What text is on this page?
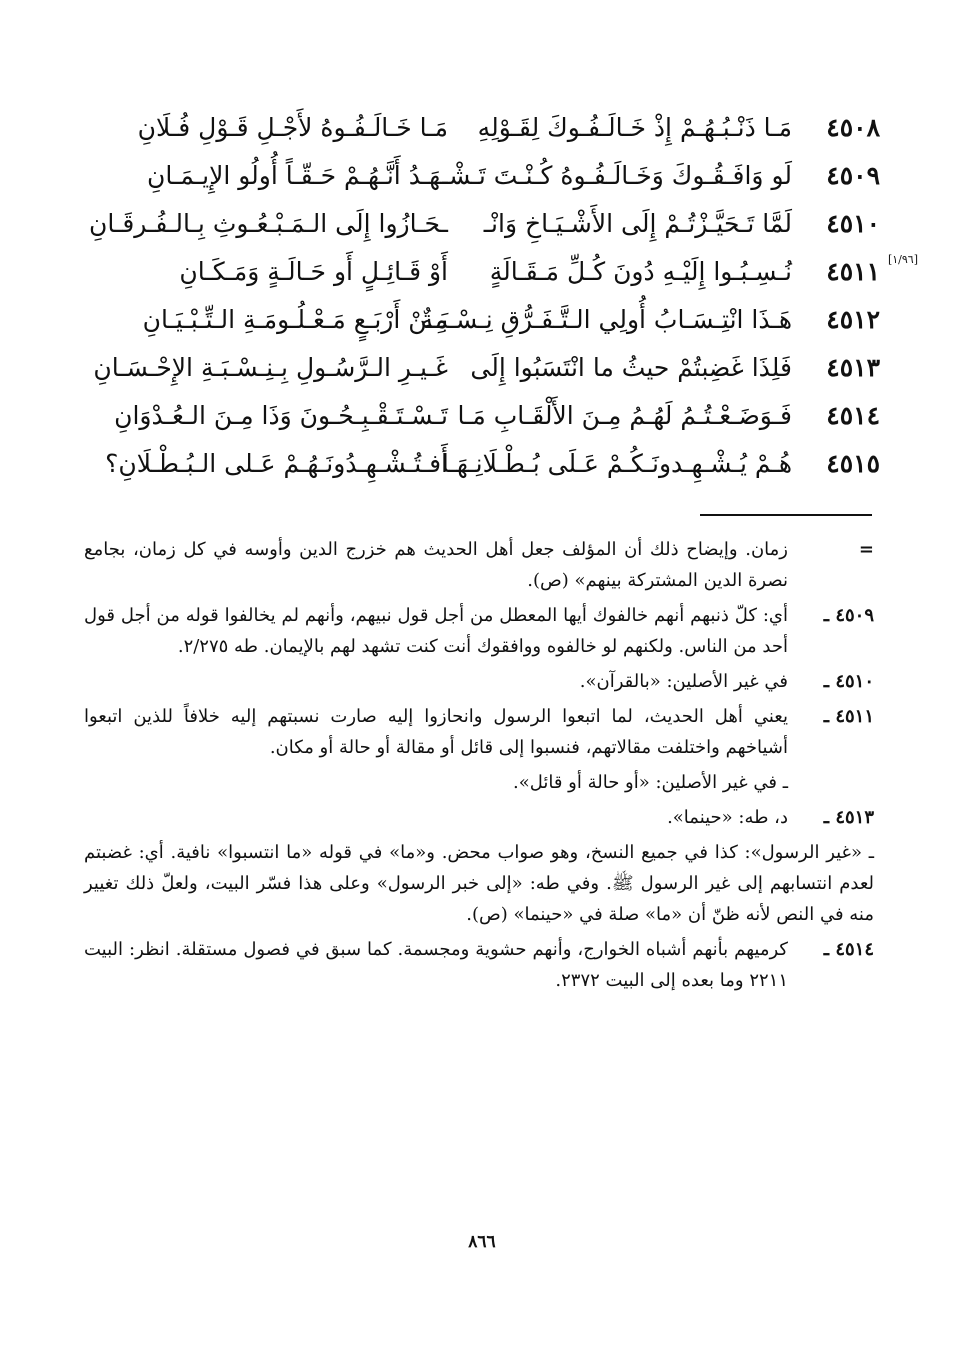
٤٥٠٨
مَـا ذَنْـبُـهُـمْ إِذْ خَـالَـفُـوكَ لِقَـوْلِهِ
مَـا خَـالَـفُـوهُ لأَجْـلِ قَـوْلِ فُـلَانِ
٤٥٠٩
لَو وَافَـقُـوكَ وَخَـالَـفُـوهُ كُـنْـتَ تَـشْـ
ـهَـدُ أَنَّـهُـمْ حَـقّـاً أُولُو الإِيـمَـانِ
٤٥١٠
لَمَّا تَـحَيَّـزْتُـمْ إِلَى الأَشْـيَـاخِ وَانْـ
ـحَـازُوا إِلَى الـمَـبْـعُـوثِ بِـالـفُـرقَـانِ
[١/٩٦]
٤٥١١
نُـسِـبُـوا إِلَيْـهِ دُونَ كُـلِّ مَـقَـالَةٍ
أَوْ قَـائِـلٍ أَو حَـالَـةٍ وَمَـكَـانِ
٤٥١٢
هَـذَا انْتِـسَـابُ أُولِي الـتَّـفَـرُّقِ نِـسْـبَـةٌ
مِـنْ أَرْبَـعٍ مَـعْـلُـومَـةِ الـتِّـبْـيَـانِ
٤٥١٣
فَلِذَا غَضِبتُمْ حيثُ ما انْتَسَبُوا إِلَى
غَـيـرِ الـرَّسُـولِ بِـنِـسْـبَـةِ الإِحْـسَـانِ
٤٥١٤
فَـوَضَـعْـتُـمُ لَهُـمُ مِـنَ الأَلْقَـابِ مَـا
تَـسْـتَـقْـبِـحُـونَ وَذَا مِـنَ الـعُـدْوَانِ
٤٥١٥
هُـمْ يُـشْـهِـدونَـكُـمْ عَـلَى بُـطْـلَانِـهَـا
أَفـتُـشْـهِـدُونَـهُـمْ عَـلى الـبُـطْـلَانِ؟
=
زمان. وإيضاح ذلك أن المؤلف جعل أهل الحديث هم خزرج الدين وأوسه في كل زمان، بجامع نصرة الدين المشتركة بينهم» (ص).
٤٥٠٩ ـ
أي: كلّ ذنبهم أنهم خالفوك أيها المعطل من أجل قول نبيهم، وأنهم لم يخالفوا قوله من أجل قول أحد من الناس. ولكنهم لو خالفوه ووافقوك أنت كنت تشهد لهم بالإيمان. طه ٢/٢٧٥.
٤٥١٠ ـ
في غير الأصلين: «بالقرآن».
٤٥١١ ـ
يعني أهل الحديث، لما اتبعوا الرسول وانحازوا إليه صارت نسبتهم إليه خلافاً للذين اتبعوا أشياخهم واختلفت مقالاتهم، فنسبوا إلى قائل أو مقالة أو حالة أو مكان.
ـ في غير الأصلين: «أو حالة أو قائل».
٤٥١٣ ـ
د، طه: «حينما».
ـ «غير الرسول»: كذا في جميع النسخ، وهو صواب محض. و«ما» في قوله «ما انتسبوا» نافية. أي: غضبتم لعدم انتسابهم إلى غير الرسول ﷺ. وفي طه: «إلى خبر الرسول» وعلى هذا فسّر البيت، ولعلّ ذلك تغيير منه في النص لأنه ظنّ أن «ما» صلة في «حينما» (ص).
٤٥١٤ ـ
كرميهم بأنهم أشباه الخوارج، وأنهم حشوية ومجسمة. كما سبق في فصول مستقلة. انظر: البيت ٢٢١١ وما بعده إلى البيت ٢٣٧٢.
٨٦٦
